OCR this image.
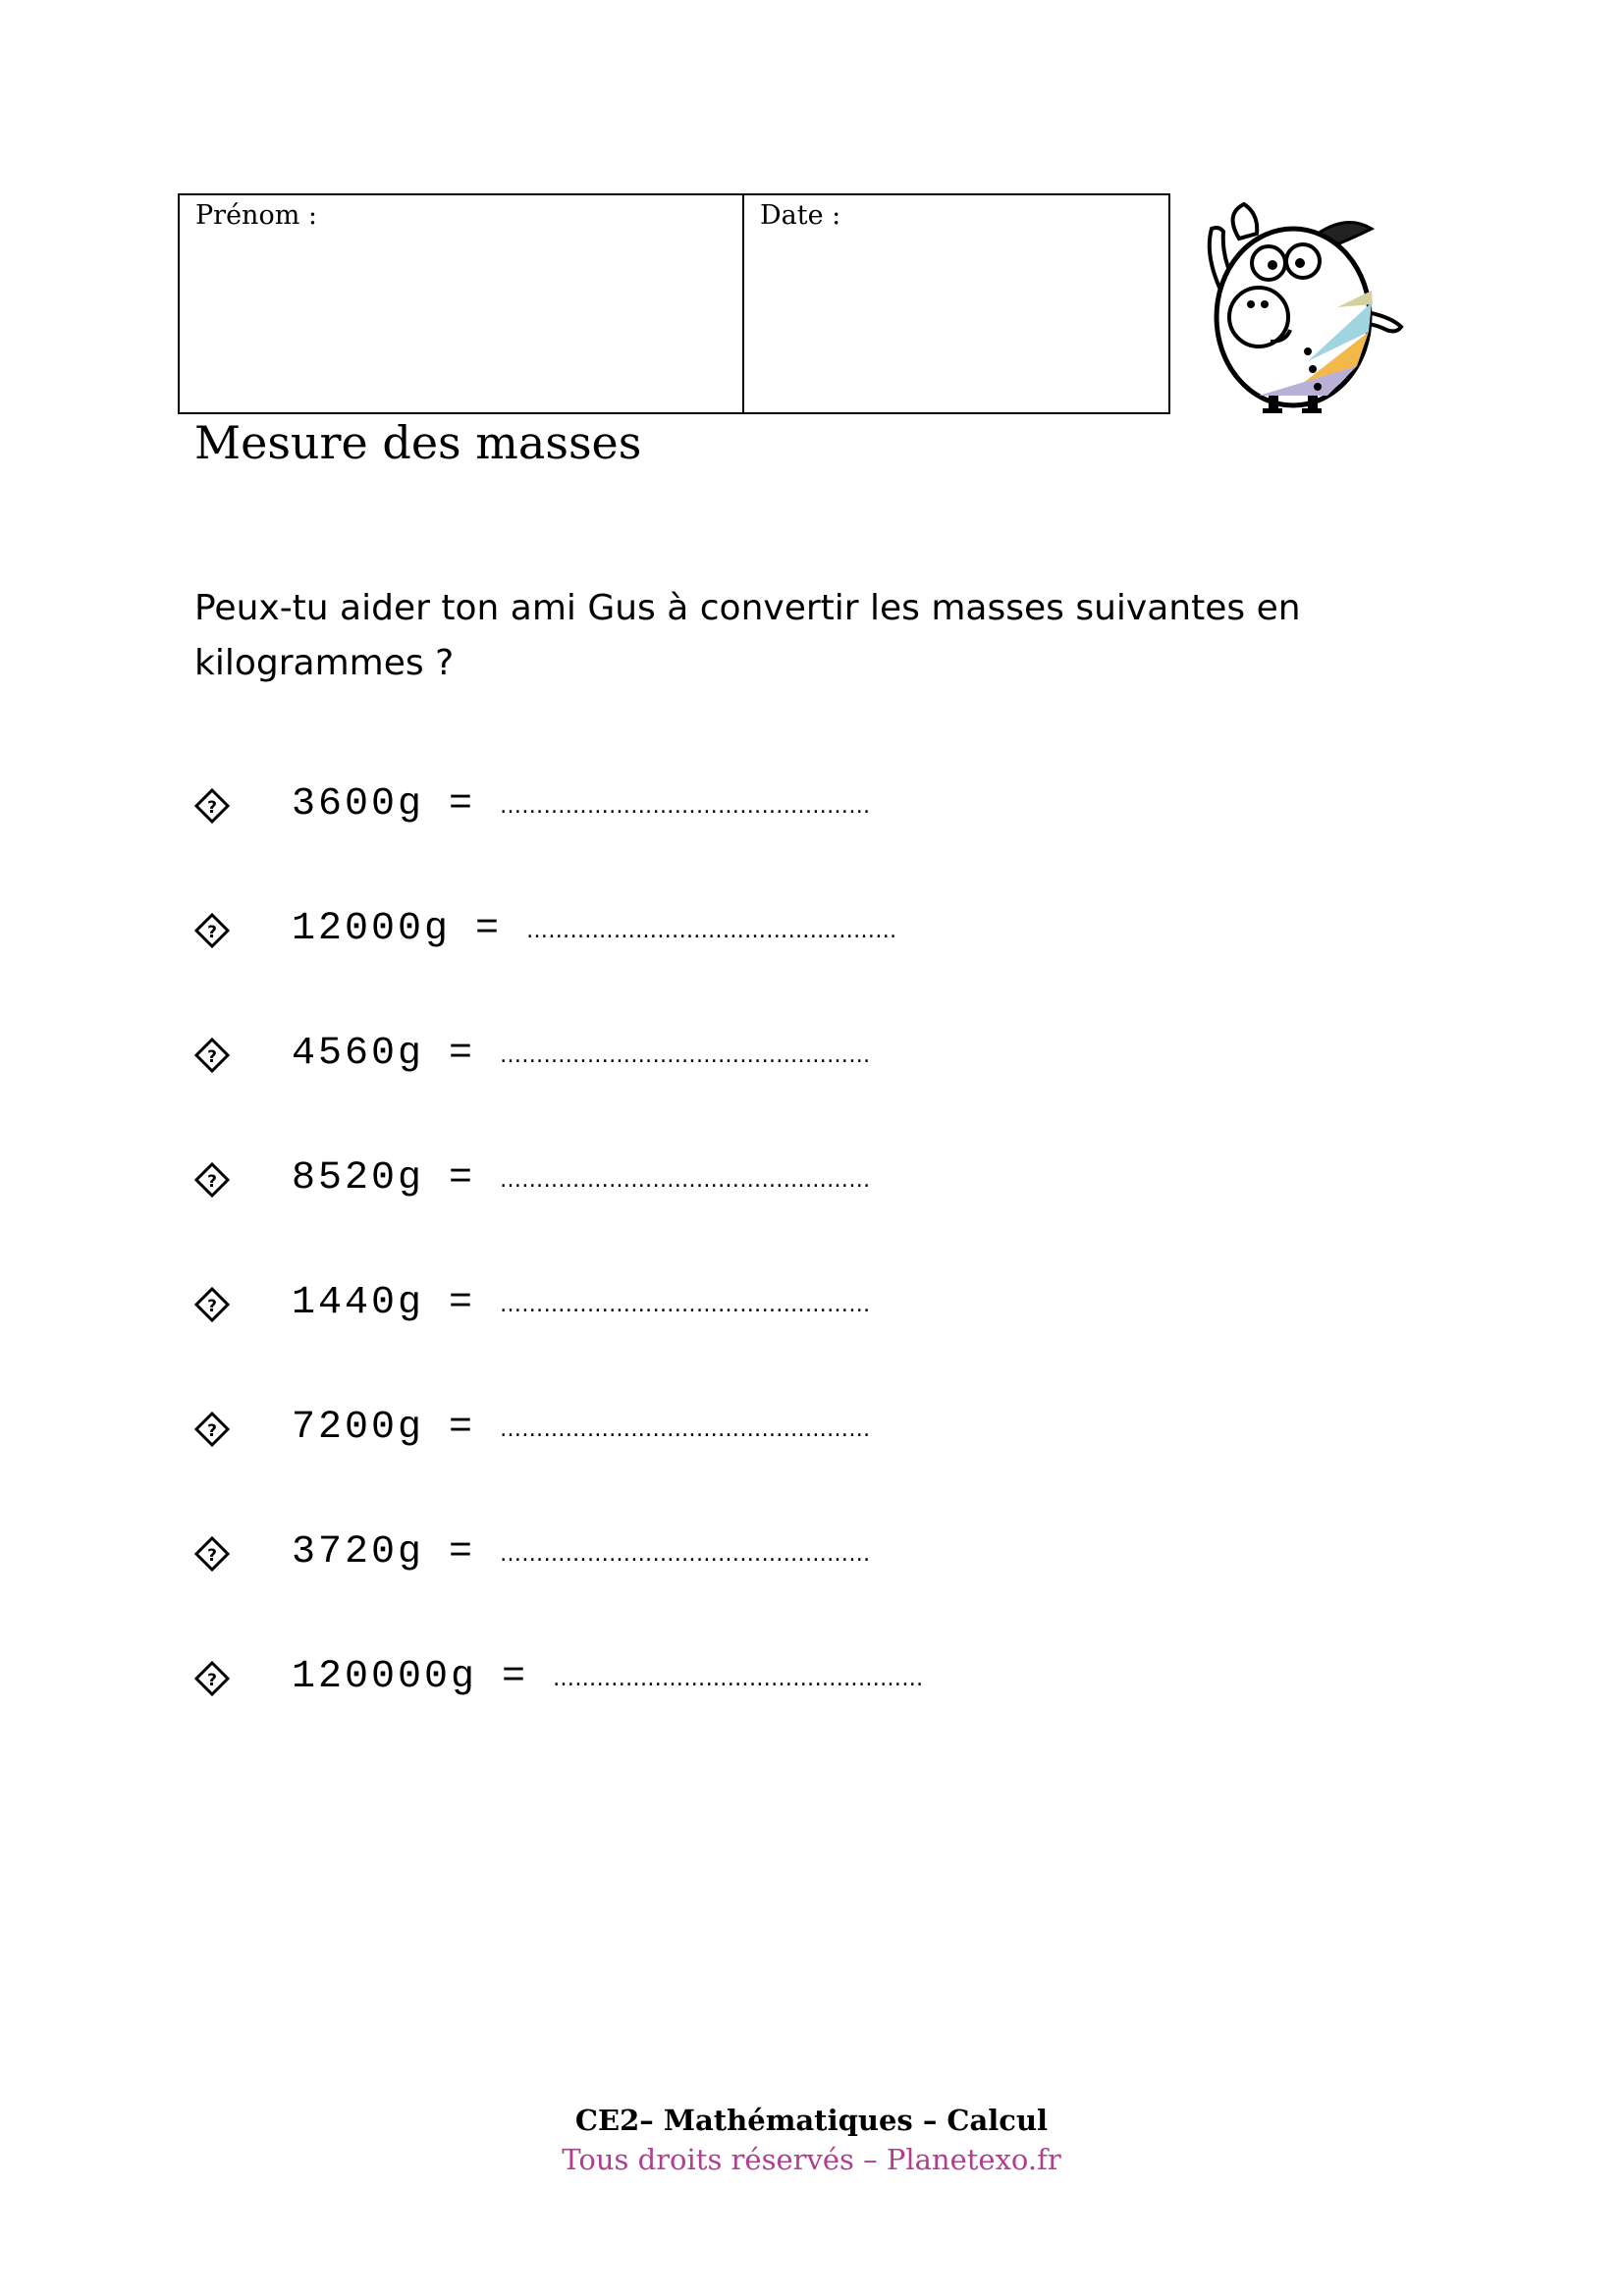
Prénom :	Date :
Mesure des masses
Peux-tu aider ton ami Gus à convertir les masses suivantes en kilogrammes ?
? 3600g = ……………………………………………
? 12000g = ……………………………………………
? 4560g = ……………………………………………
? 8520g = ……………………………………………
? 1440g = ……………………………………………
? 7200g = ……………………………………………
? 3720g = ……………………………………………
? 120000g = ……………………………………………
CE2– Mathématiques – Calcul
Tous droits réservés – Planetexo.fr
